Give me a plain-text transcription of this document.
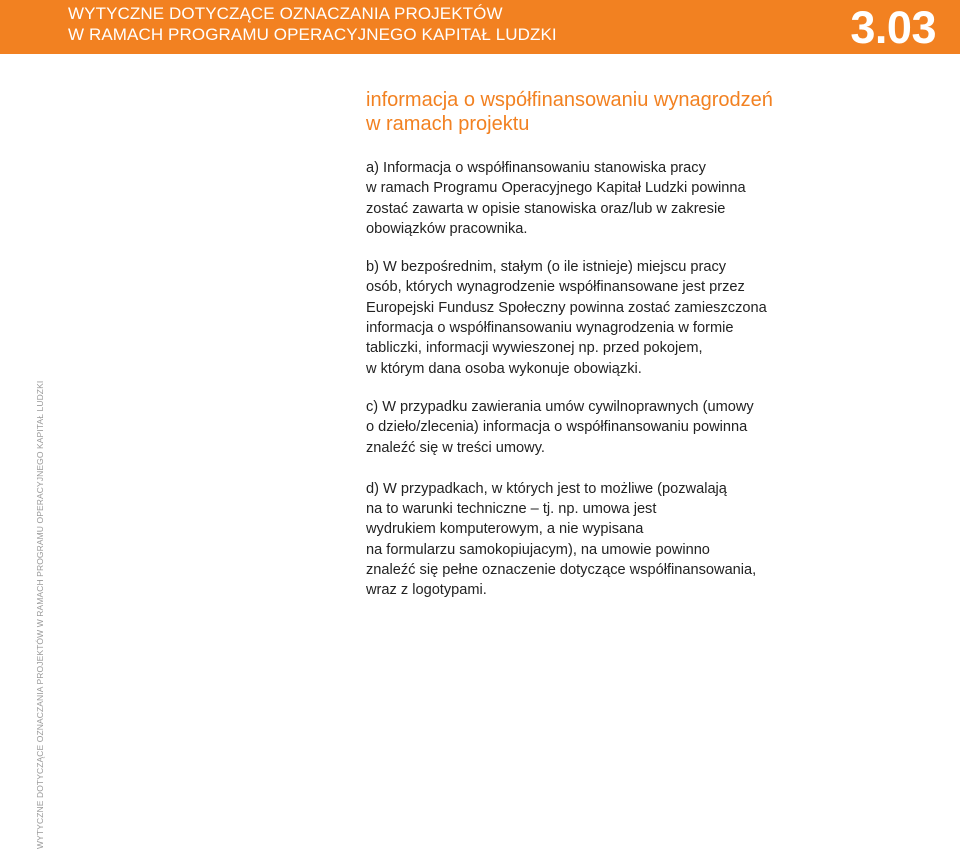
WYTYCZNE DOTYCZĄCE OZNACZANIA PROJEKTÓW
W RAMACH PROGRAMU OPERACYJNEGO KAPITAŁ LUDZKI	3.03
WYTYCZNE DOTYCZĄCE OZNACZANIA PROJEKTÓW W RAMACH PROGRAMU OPERACYJNEGO KAPITAŁ LUDZKI
informacja o współfinansowaniu wynagrodzeń
w ramach projektu

a) Informacja o współfinansowaniu stanowiska pracy
w ramach Programu Operacyjnego Kapitał Ludzki powinna
zostać zawarta w opisie stanowiska oraz/lub w zakresie
obowiązków pracownika.

b) W bezpośrednim, stałym (o ile istnieje) miejscu pracy
osób, których wynagrodzenie współfinansowane jest przez
Europejski Fundusz Społeczny powinna zostać zamieszczona
informacja o współfinansowaniu wynagrodzenia w formie
tabliczki, informacji wywieszonej np. przed pokojem,
w którym dana osoba wykonuje obowiązki.

c) W przypadku zawierania umów cywilnoprawnych (umowy
o dzieło/zlecenia) informacja o współfinansowaniu powinna
znaleźć się w treści umowy.

d) W przypadkach, w których jest to możliwe (pozwalają
na to warunki techniczne – tj. np. umowa jest
wydrukiem komputerowym, a nie wypisana
na formularzu samokopiujacym), na umowie powinno
znaleźć się pełne oznaczenie dotyczące współfinansowania,
wraz z logotypami.
